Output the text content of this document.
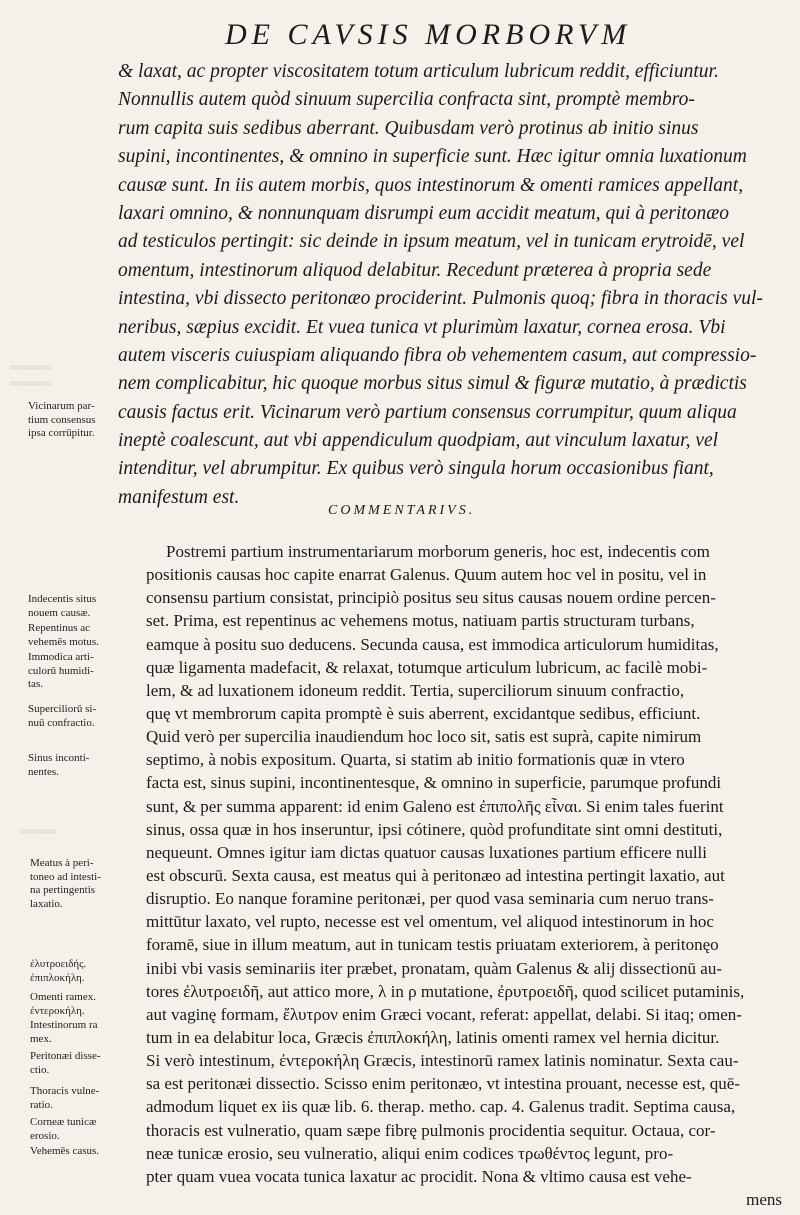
DE CAVSIS MORBORVM
& laxat, ac propter viscositatem totum articulum lubricum reddit, efficiuntur.
Nonnullis autem quòd sinuum supercilia confracta sint, promptè membro-
rum capita suis sedibus aberrant. Quibusdam verò protinus ab initio sinus
supini, incontinentes, & omnino in superficie sunt. Hæc igitur omnia luxationum
causæ sunt. In iis autem morbis, quos intestinorum & omenti ramices appellant,
laxari omnino, & nonnunquam disrumpi eum accidit meatum, qui à peritonæo
ad testiculos pertingit: sic deinde in ipsum meatum, vel in tunicam erytroidē, vel
omentum, intestinorum aliquod delabitur. Recedunt præterea à propria sede
intestina, vbi dissecto peritonæo prociderint. Pulmonis quoq; fibra in thoracis vul-
neribus, sæpius excidit. Et vuea tunica vt plurimùm laxatur, cornea erosa. Vbi
autem visceris cuiuspiam aliquando fibra ob vehementem casum, aut compressio-
nem complicabitur, hic quoque morbus situs simul & figuræ mutatio, à prædictis
causis factus erit. Vicinarum verò partium consensus corrumpitur, quum aliqua
ineptè coalescunt, aut vbi appendiculum quodpiam, aut vinculum laxatur, vel
intenditur, vel abrumpitur. Ex quibus verò singula horum occasionibus fiant,
manifestum est.
COMMENTARIVS.
Postremi partium instrumentariarum morborum generis, hoc est, indecentis com
positionis causas hoc capite enarrat Galenus. Quum autem hoc vel in positu, vel in
consensu partium consistat, principiò positus seu situs causas nouem ordine percen-
set. Prima, est repentinus ac vehemens motus, natiuam partis structuram turbans,
eamque à positu suo deducens. Secunda causa, est immodica articulorum humiditas,
quæ ligamenta madefacit, & relaxat, totumque articulum lubricum, ac facilè mobi-
lem, & ad luxationem idoneum reddit. Tertia, superciliorum sinuum confractio,
quę vt membrorum capita promptè è suis aberrent, excidantque sedibus, efficiunt.
Quid verò per supercilia inaudiendum hoc loco sit, satis est suprà, capite nimirum
septimo, à nobis expositum. Quarta, si statim ab initio formationis quæ in vtero
facta est, sinus supini, incontinentesque, & omnino in superficie, parumque profundi
sunt, & per summa apparent: id enim Galeno est ἐπιπολῆς εἶναι. Si enim tales fuerint
sinus, ossa quæ in hos inseruntur, ipsi cótinere, quòd profunditate sint omni destituti,
nequeunt. Omnes igitur iam dictas quatuor causas luxationes partium efficere nulli
est obscurū. Sexta causa, est meatus qui à peritonæo ad intestina pertingit laxatio, aut
disruptio. Eo nanque foramine peritonæi, per quod vasa seminaria cum neruo trans-
mittūtur laxato, vel rupto, necesse est vel omentum, vel aliquod intestinorum in hoc
foramē, siue in illum meatum, aut in tunicam testis priuatam exteriorem, à peritonęo
inibi vbi vasis seminariis iter præbet, pronatam, quàm Galenus & alij dissectionū au-
tores ἐλυτροειδῆ, aut attico more, λ in ρ mutatione, ἐρυτροειδῆ, quod scilicet putaminis,
aut vaginę formam, ἔλυτρον enim Græci vocant, referat: appellat, delabi. Si itaq; omen-
tum in ea delabitur loca, Græcis ἐπιπλοκήλη, latinis omenti ramex vel hernia dicitur.
Si verò intestinum, ἐντεροκήλη Græcis, intestinorū ramex latinis nominatur. Sexta cau-
sa est peritonæi dissectio. Scisso enim peritonæo, vt intestina prouant, necesse est, quē-
admodum liquet ex iis quæ lib. 6. therap. metho. cap. 4. Galenus tradit. Septima causa,
thoracis est vulneratio, quam sæpe fibrę pulmonis procidentia sequitur. Octaua, cor-
neæ tunicæ erosio, seu vulneratio, aliqui enim codices τρωθέντος legunt, pro-
pter quam vuea vocata tunica laxatur ac procidit. Nona & vltimo causa est vehe-
mens
≈≈≈≈≈≈≈
≈≈≈≈≈≈≈
≈≈≈≈≈≈
Vicinarum par-
tium consensus
ipsa corrūpitur.
Indecentis situs
nouem causæ.
Repentinus ac
vehemēs motus.
Immodica arti-
culorū humidi-
tas.
Superciliorū si-
nuū confractio.
Sinus inconti-
nentes.
Meatus à peri-
toneo ad intesti-
na pertingentis
laxatio.
ἐλυτροειδής.
ἐπιπλοκήλη.
Omenti ramex.
ἐντεροκήλη.
Intestinorum ra
mex.
Peritonæi disse-
ctio.
Thoracis vulne-
ratio.
Corneæ tunicæ
erosio.
Vehemēs casus.
